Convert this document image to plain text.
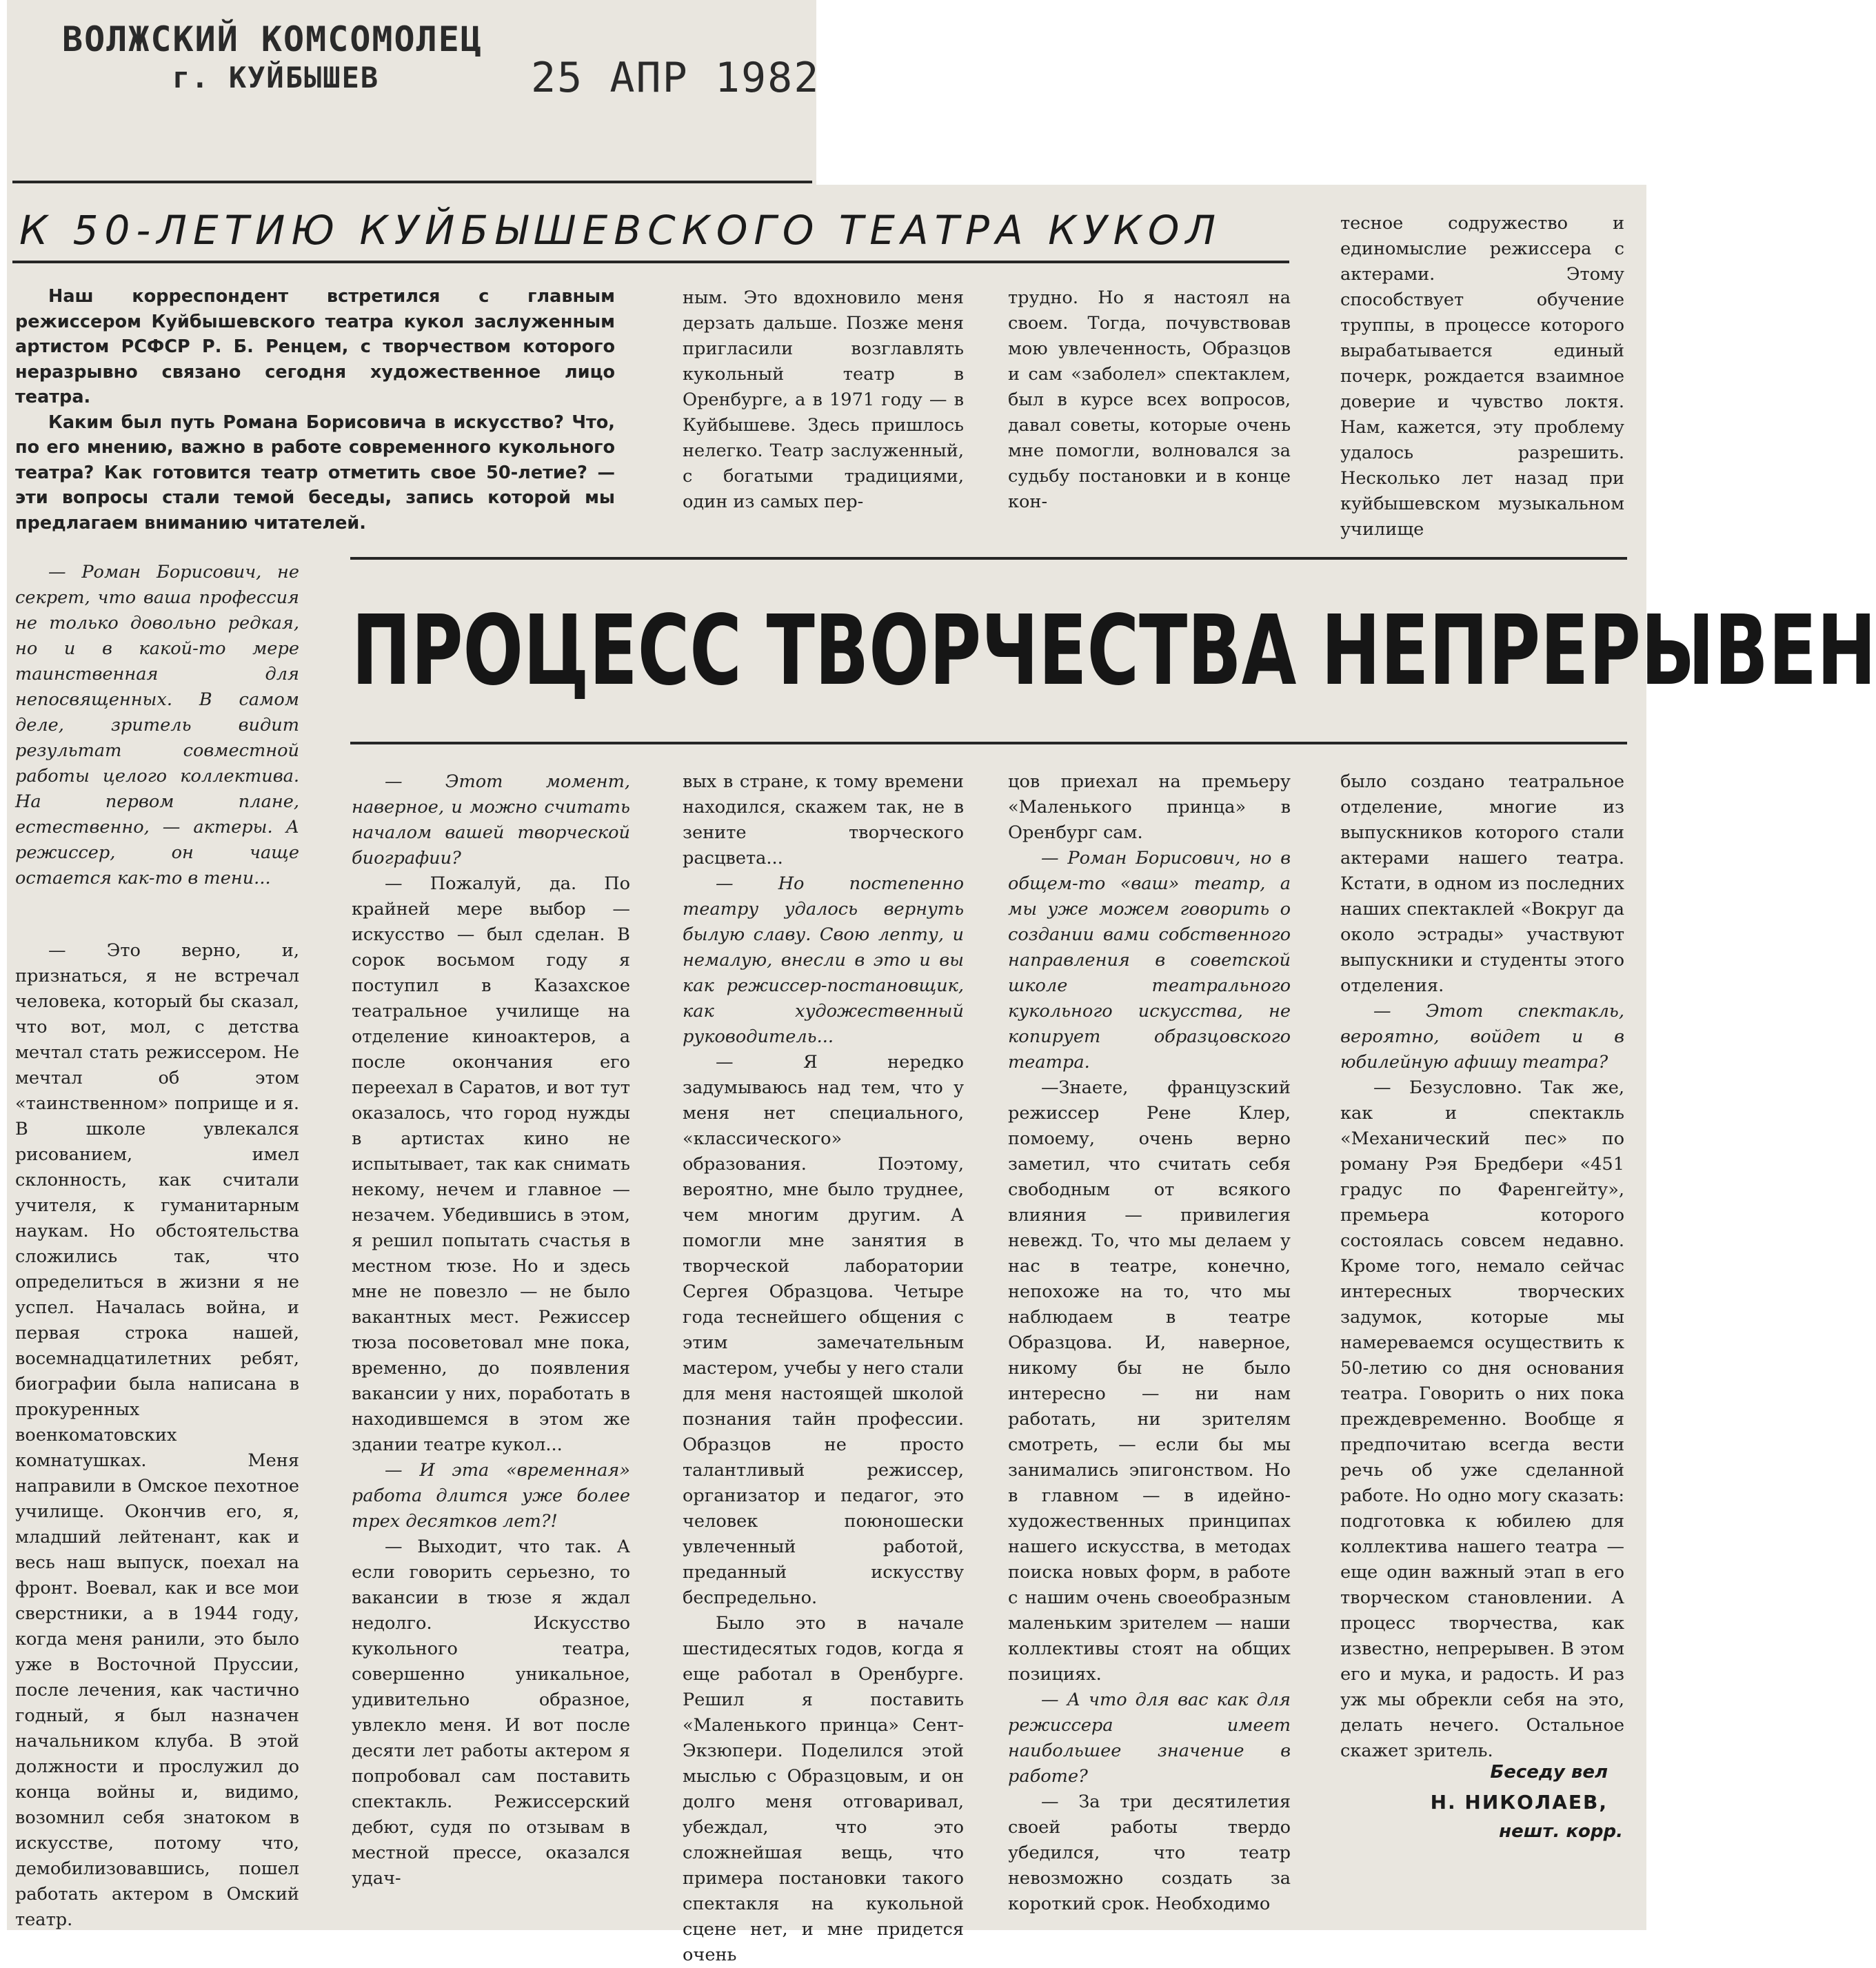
ВОЛЖСКИЙ КОМСОМОЛЕЦ
г. КУЙБЫШЕВ	25 АПР 1982
К 50-ЛЕТИЮ КУЙБЫШЕВСКОГО ТЕАТРА КУКОЛ

Наш корреспондент встретился с главным режиссером Куйбышевского театра кукол заслуженным артистом РСФСР Р. Б. Ренцем, с творчеством которого неразрывно связано сегодня художественное лицо театра.

Каким был путь Романа Борисовича в искусство? Что, по его мнению, важно в работе современного кукольного театра? Как готовится театр отметить свое 50-летие? — эти вопросы стали темой беседы, запись которой мы предлагаем вниманию читателей.

ным. Это вдохновило меня дерзать дальше. Позже меня пригласили возглавлять кукольный театр в Оренбурге, а в 1971 году — в Куйбышеве. Здесь пришлось нелегко. Театр заслуженный, с богатыми традициями, один из самых пер-

трудно. Но я настоял на своем. Тогда, почувствовав мою увлеченность, Образцов и сам «заболел» спектаклем, был в курсе всех вопросов, давал советы, которые очень мне помогли, волновался за судьбу постановки и в конце кон-

тесное содружество и единомыслие режиссера с актерами. Этому способствует обучение труппы, в процессе которого вырабатывается единый почерк, рождается взаимное доверие и чувство локтя. Нам, кажется, эту проблему удалось разрешить. Несколько лет назад при куйбышевском музыкальном училище

ПРОЦЕСС ТВОРЧЕСТВА НЕПРЕРЫВЕН

— Роман Борисович, не секрет, что ваша профессия не только довольно редкая, но и в какой-то мере таинственная для непосвященных. В самом деле, зритель видит результат совместной работы целого коллектива. На первом плане, естественно, — актеры. А режиссер, он чаще остается как-то в тени...

— Это верно, и, признаться, я не встречал человека, который бы сказал, что вот, мол, с детства мечтал стать режиссером. Не мечтал об этом «таинственном» поприще и я. В школе увлекался рисованием, имел склонность, как считали учителя, к гуманитарным наукам. Но обстоятельства сложились так, что определиться в жизни я не успел. Началась война, и первая строка нашей, восемнадцатилетних ребят, биографии была написана в прокуренных военкоматовских комнатушках. Меня направили в Омское пехотное училище. Окончив его, я, младший лейтенант, как и весь наш выпуск, поехал на фронт. Воевал, как и все мои сверстники, а в 1944 году, когда меня ранили, это было уже в Восточной Пруссии, после лечения, как частично годный, я был назначен начальником клуба. В этой должности и прослужил до конца войны и, видимо, возомнил себя знатоком в искусстве, потому что, демобилизовавшись, пошел работать актером в Омский театр.

— Этот момент, наверное, и можно считать началом вашей творческой биографии?

— Пожалуй, да. По крайней мере выбор — искусство — был сделан. В сорок восьмом году я поступил в Казахское театральное училище на отделение киноактеров, а после окончания его переехал в Саратов, и вот тут оказалось, что город нужды в артистах кино не испытывает, так как снимать некому, нечем и главное — незачем. Убедившись в этом, я решил попытать счастья в местном тюзе. Но и здесь мне не повезло — не было вакантных мест. Режиссер тюза посоветовал мне пока, временно, до появления вакансии у них, поработать в находившемся в этом же здании театре кукол...

— И эта «временная» работа длится уже более трех десятков лет?!

— Выходит, что так. А если говорить серьезно, то вакансии в тюзе я ждал недолго. Искусство кукольного театра, совершенно уникальное, удивительно образное, увлекло меня. И вот после десяти лет работы актером я попробовал сам поставить спектакль. Режиссерский дебют, судя по отзывам в местной прессе, оказался удач-

вых в стране, к тому времени находился, скажем так, не в зените творческого расцвета...

— Но постепенно театру удалось вернуть былую славу. Свою лепту, и немалую, внесли в это и вы как режиссер-постановщик, как художественный руководитель...

— Я нередко задумываюсь над тем, что у меня нет специального, «классического» образования. Поэтому, вероятно, мне было труднее, чем многим другим. А помогли мне занятия в творческой лаборатории Сергея Образцова. Четыре года теснейшего общения с этим замечательным мастером, учебы у него стали для меня настоящей школой познания тайн профессии. Образцов не просто талантливый режиссер, организатор и педагог, это человек поюношески увлеченный работой, преданный искусству беспредельно.

Было это в начале шестидесятых годов, когда я еще работал в Оренбурге. Решил я поставить «Маленького принца» Сент-Экзюпери. Поделился этой мыслью с Образцовым, и он долго меня отговаривал, убеждал, что это сложнейшая вещь, что примера постановки такого спектакля на кукольной сцене нет, и мне придется очень

цов приехал на премьеру «Маленького принца» в Оренбург сам.

— Роман Борисович, но в общем-то «ваш» театр, а мы уже можем говорить о создании вами собственного направления в советской школе театрального кукольного искусства, не копирует образцовского театра.

—Знаете, французский режиссер Рене Клер, помоему, очень верно заметил, что считать себя свободным от всякого влияния — привилегия невежд. То, что мы делаем у нас в театре, конечно, непохоже на то, что мы наблюдаем в театре Образцова. И, наверное, никому бы не было интересно — ни нам работать, ни зрителям смотреть, — если бы мы занимались эпигонством. Но в главном — в идейно-художественных принципах нашего искусства, в методах поиска новых форм, в работе с нашим очень своеобразным маленьким зрителем — наши коллективы стоят на общих позициях.

— А что для вас как для режиссера имеет наибольшее значение в работе?

— За три десятилетия своей работы твердо убедился, что театр невозможно создать за короткий срок. Необходимо

было создано театральное отделение, многие из выпускников которого стали актерами нашего театра. Кстати, в одном из последних наших спектаклей «Вокруг да около эстрады» участвуют выпускники и студенты этого отделения.

— Этот спектакль, вероятно, войдет и в юбилейную афишу театра?

— Безусловно. Так же, как и спектакль «Механический пес» по роману Рэя Бредбери «451 градус по Фаренгейту», премьера которого состоялась совсем недавно. Кроме того, немало сейчас интересных творческих задумок, которые мы намереваемся осуществить к 50-летию со дня основания театра. Говорить о них пока преждевременно. Вообще я предпочитаю всегда вести речь об уже сделанной работе. Но одно могу сказать: подготовка к юбилею для коллектива нашего театра — еще один важный этап в его творческом становлении. А процесс творчества, как известно, непрерывен. В этом его и мука, и радость. И раз уж мы обрекли себя на это, делать нечего. Остальное скажет зритель.

Беседу вел
Н. НИКОЛАЕВ,
нешт. корр.
